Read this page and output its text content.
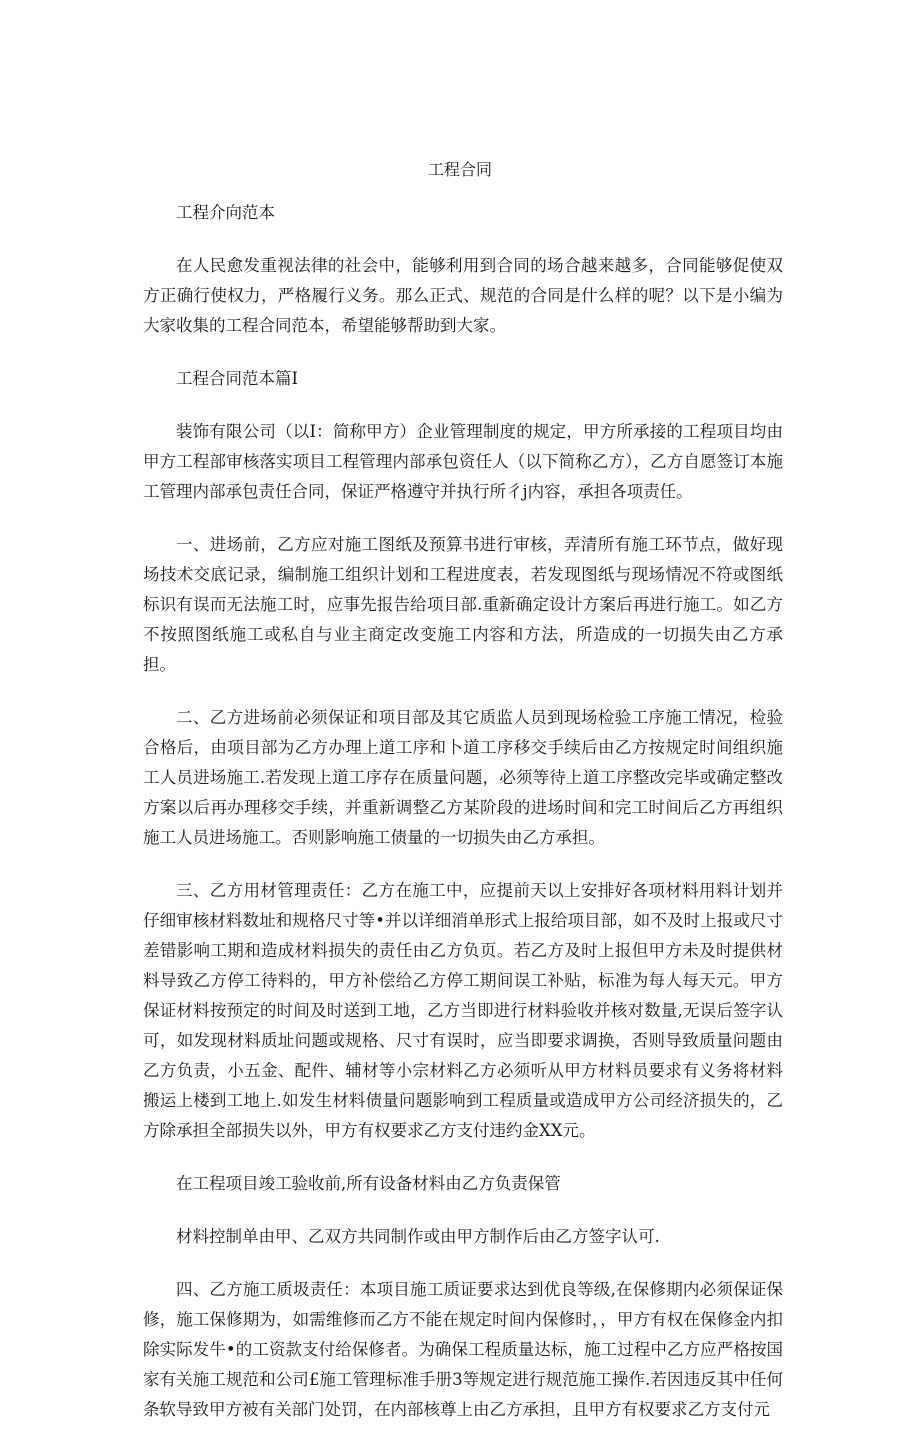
工程合同

工程介向范本

在人民愈发重视法律的社会中，能够利用到合同的场合越来越多，合同能够促使双方正确行使权力，严格履行义务。那么正式、规范的合同是什么样的呢？以下是小编为大家收集的工程合同范本，希望能够帮助到大家。

工程合同范本篇I

装饰有限公司（以I：简称甲方）企业管理制度的规定，甲方所承接的工程项目均由甲方工程部审核落实项目工程管理内部承包资任人（以下简称乙方），乙方自愿签订本施工管理内部承包责任合同，保证严格遵守并执行所彳j内容，承担各项责任。

一、进场前，乙方应对施工图纸及预算书进行审核，弄清所有施工环节点，做好现场技术交底记录，编制施工组织计划和工程进度表，若发现图纸与现场情况不符或图纸标识有误而无法施工时，应事先报告给项目部.重新确定设计方案后再进行施工。如乙方不按照图纸施工或私自与业主商定改变施工内容和方法，所造成的一切损失由乙方承担。

二、乙方进场前必须保证和项目部及其它质监人员到现场检验工序施工情况，检验合格后，由项目部为乙方办理上道工序和卜道工序移交手续后由乙方按规定时间组织施工人员进场施工.若发现上道工序存在质量问题，必须等待上道工序整改完毕或确定整改方案以后再办理移交手续，并重新调整乙方某阶段的进场时间和完工时间后乙方再组织施工人员进场施工。否则影响施工债量的一切损失由乙方承担。

三、乙方用材管理责任：乙方在施工中，应提前天以上安排好各项材料用料计划并仔细审核材料数址和规格尺寸等•并以详细消单形式上报给项目部，如不及时上报或尺寸差错影响工期和造成材料损失的责任由乙方负页。若乙方及时上报但甲方未及时提供材料导致乙方停工待料的，甲方补偿给乙方停工期间误工补贴，标准为每人每天元。甲方保证材料按预定的时间及时送到工地，乙方当即进行材料验收并核对数量,无误后签字认可，如发现材料质址问题或规格、尺寸有误时，应当即要求调换，否则导致质量问题由乙方负责，小五金、配件、辅材等小宗材料乙方必须听从甲方材料员要求有义务将材料搬运上楼到工地上.如发生材料债量问题影响到工程质量或造成甲方公司经济损失的，乙方除承担全部损失以外，甲方有权要求乙方支付违约金XX元。

在工程项目竣工验收前,所有设备材料由乙方负责保管

材料控制单由甲、乙双方共同制作或由甲方制作后由乙方签字认可.

四、乙方施工质圾责任：本项目施工质证要求达到优良等级,在保修期内必须保证保修，施工保修期为，如需维修而乙方不能在规定时间内保修时，，甲方有权在保修金内扣除实际发牛•的工资款支付给保修者。为确保工程质量达标，施工过程中乙方应严格按国家有关施工规范和公司£施工管理标准手册3等规定进行规范施工操作.若因违反其中任何条软导致甲方被有关部门处罚，在内部核尊上由乙方承担，且甲方有权要求乙方支付元
